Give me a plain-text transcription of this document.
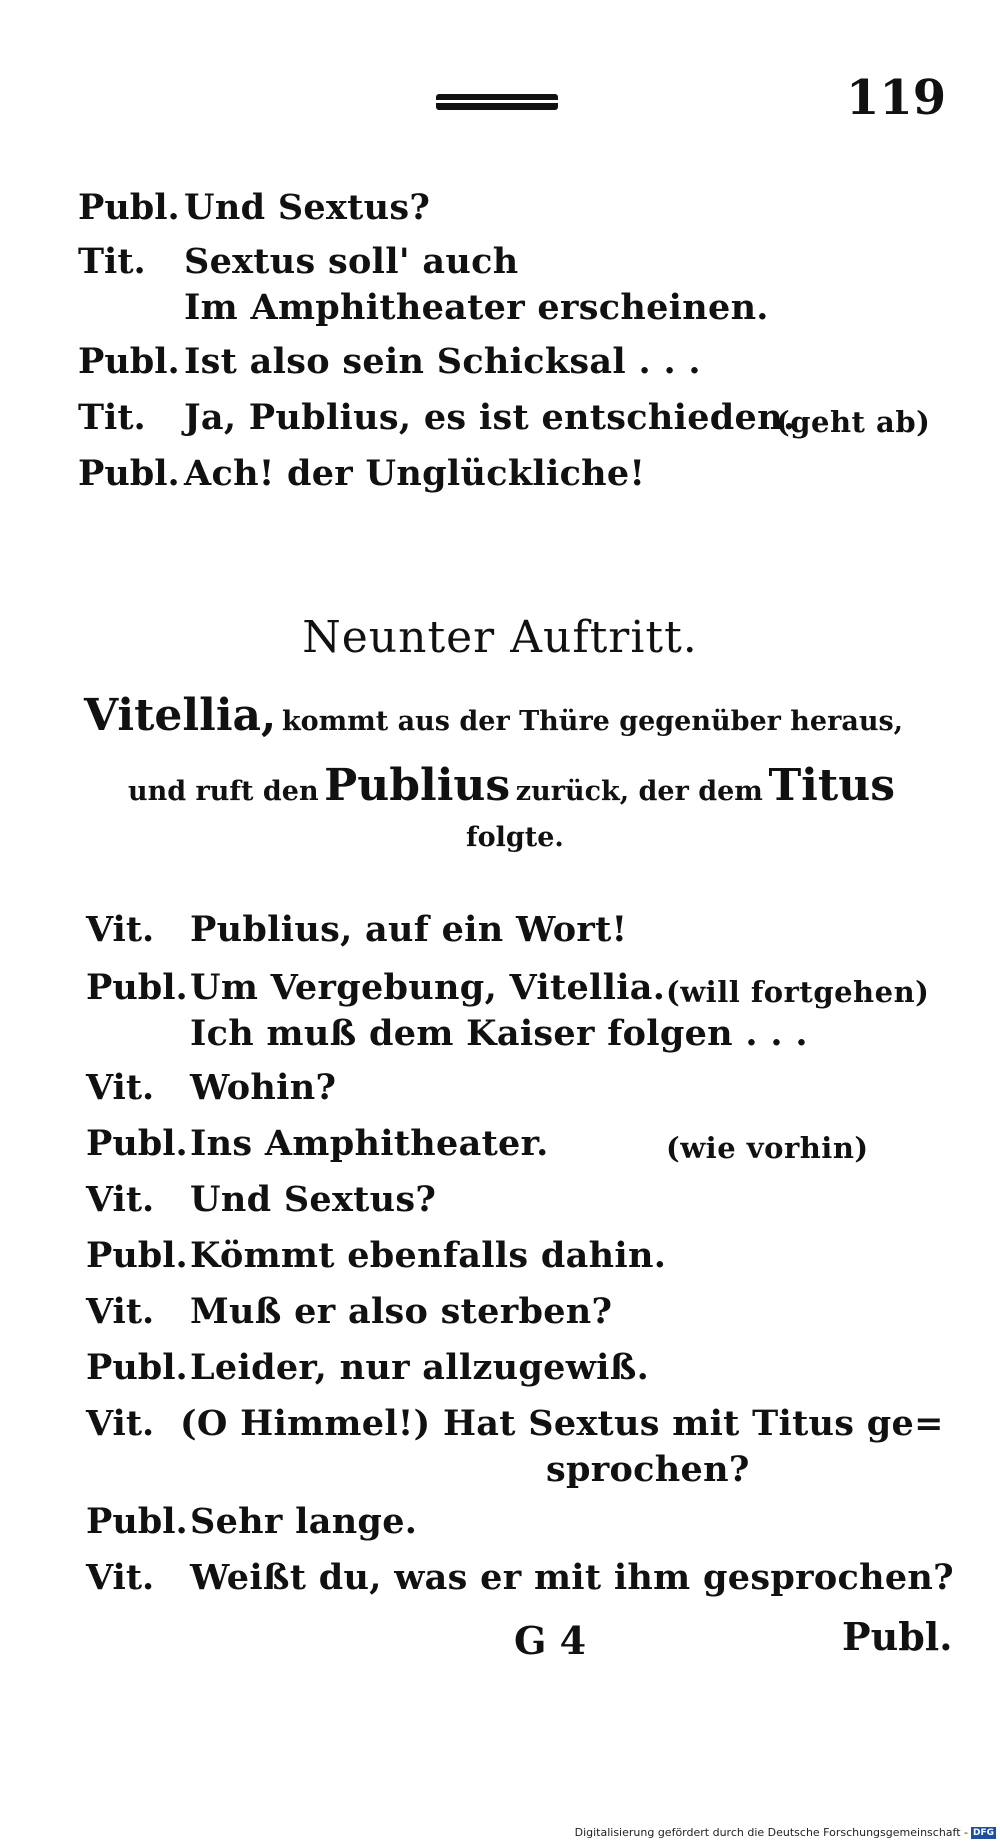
119
Publ. Und Sextus?
Tit. Sextus soll' auch
Im Amphitheater erscheinen.
Publ. Ist also sein Schicksal . . .
Tit. Ja, Publius, es ist entschieden.
(geht ab)
Publ. Ach! der Unglückliche!
Neunter Auftritt.
Vitellia, kommt aus der Thüre gegenüber heraus,
und ruft den Publius zurück, der dem Titus
folgte.
Vit. Publius, auf ein Wort!
Publ. Um Vergebung, Vitellia. (will fortgehen)
Ich muß dem Kaiser folgen . . .
Vit. Wohin?
Publ. Ins Amphitheater.	(wie vorhin)
Vit. Und Sextus?
Publ. Kömmt ebenfalls dahin.
Vit. Muß er also sterben?
Publ. Leider, nur allzugewiß.
Vit. (O Himmel!) Hat Sextus mit Titus ge=
sprochen?
Publ. Sehr lange.
Vit. Weißt du, was er mit ihm gesprochen?
G 4	Publ.
Digitalisierung gefördert durch die Deutsche Forschungsgemeinschaft - DFG
